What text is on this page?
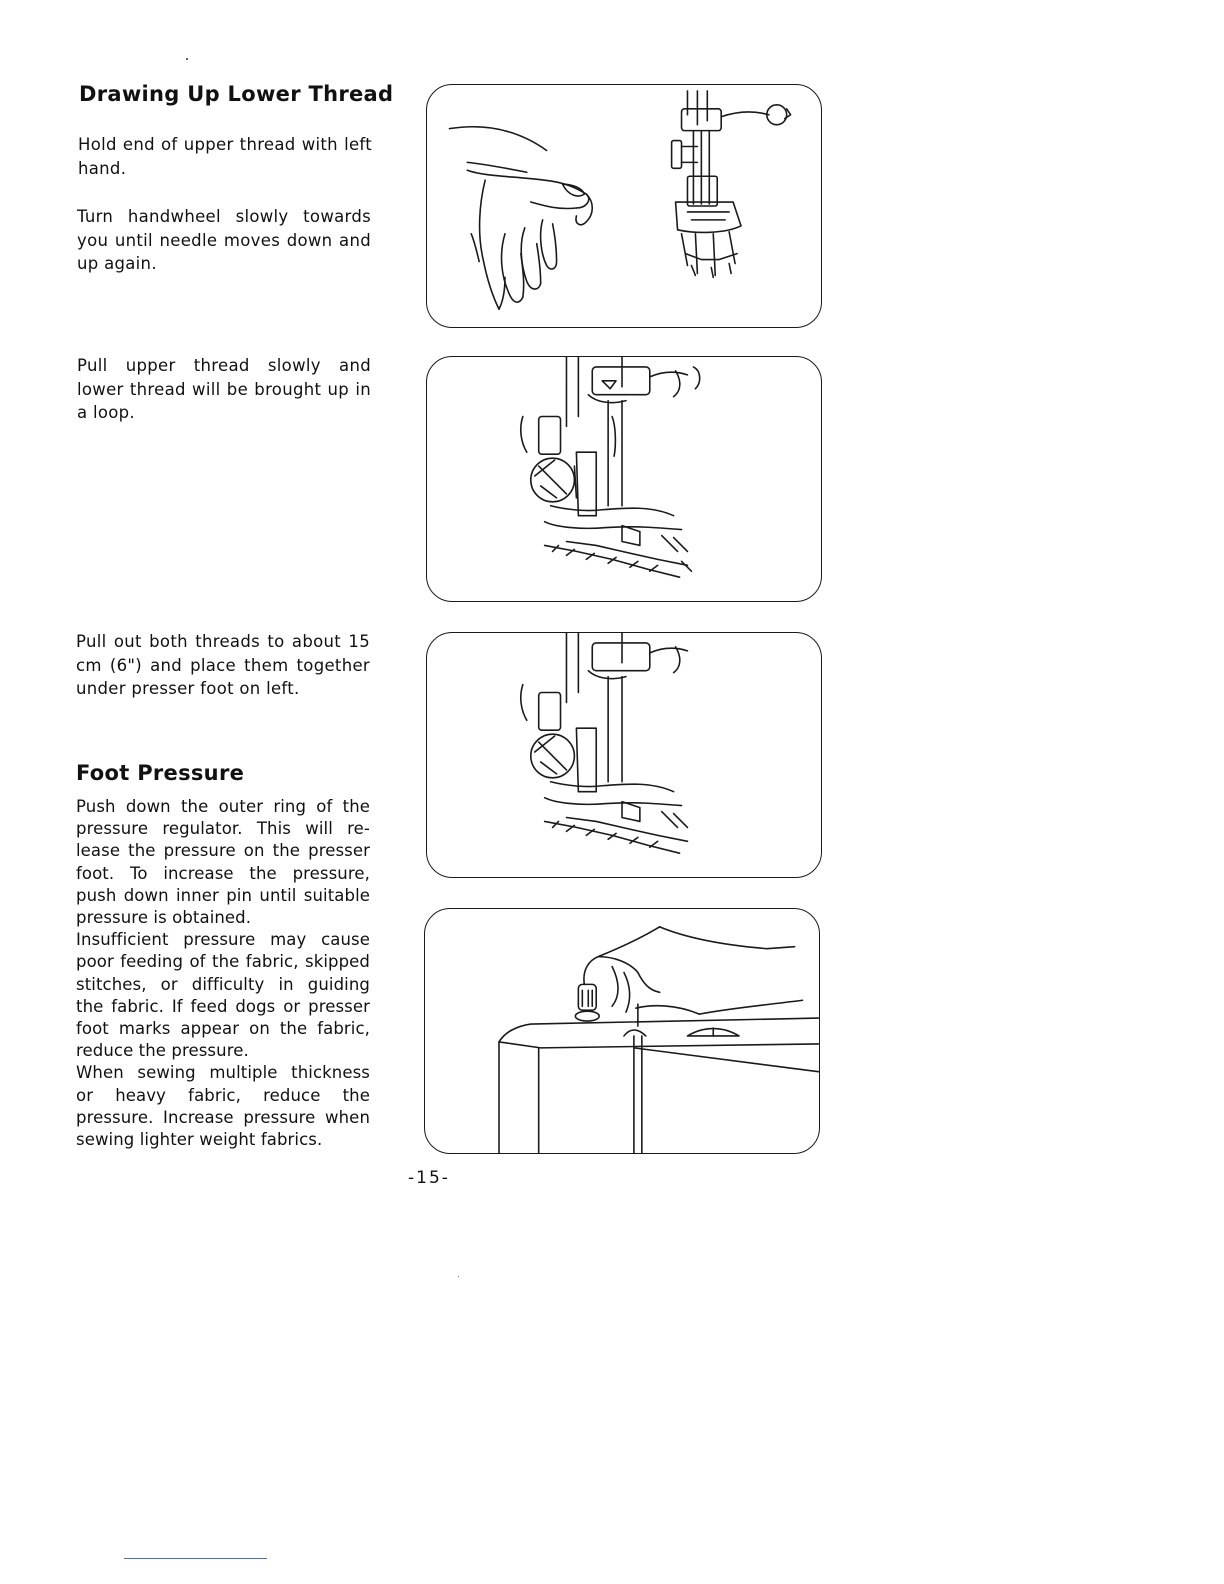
Drawing Up Lower Thread

Hold end of upper thread with left hand.

Turn handwheel slowly towards you until needle moves down and up again.

Pull upper thread slowly and lower thread will be brought up in a loop.

Pull out both threads to about 15 cm (6") and place them together under presser foot on left.

Foot Pressure
Push down the outer ring of the
pressure regulator. This will re-
lease the pressure on the presser
foot. To increase the pressure,
push down inner pin until suitable
pressure is obtained.
Insufficient pressure may cause
poor feeding of the fabric, skipped
stitches, or difficulty in guiding
the fabric. If feed dogs or presser
foot marks appear on the fabric,
reduce the pressure.
When sewing multiple thickness
or heavy fabric, reduce the
pressure. Increase pressure when
sewing lighter weight fabrics.
-15-
